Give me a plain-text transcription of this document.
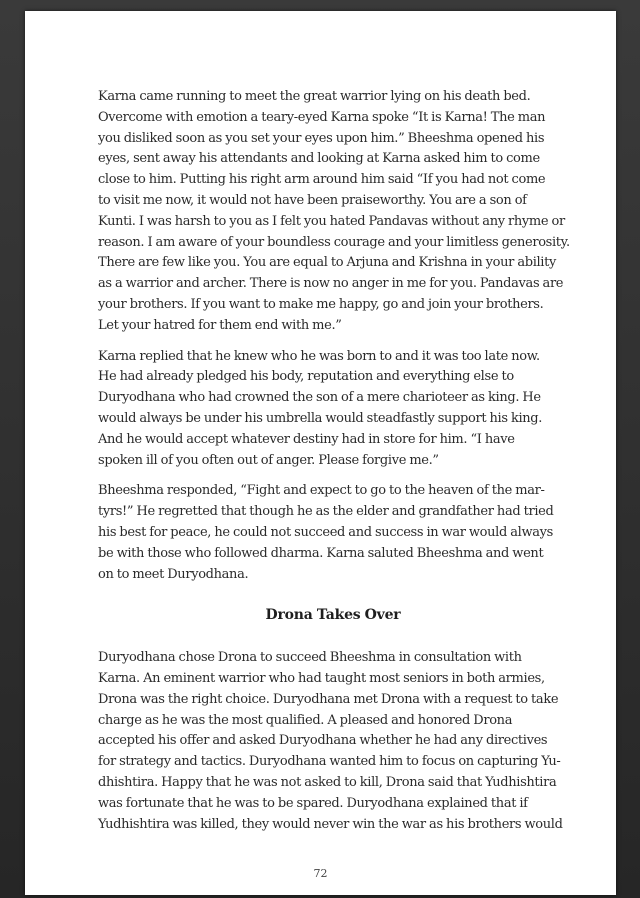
Karna came running to meet the great warrior lying on his death bed.
Overcome with emotion a teary-eyed Karna spoke “It is Karna! The man
you disliked soon as you set your eyes upon him.” Bheeshma opened his
eyes, sent away his attendants and looking at Karna asked him to come
close to him. Putting his right arm around him said “If you had not come
to visit me now, it would not have been praiseworthy. You are a son of
Kunti. I was harsh to you as I felt you hated Pandavas without any rhyme or
reason. I am aware of your boundless courage and your limitless generosity.
There are few like you. You are equal to Arjuna and Krishna in your ability
as a warrior and archer. There is now no anger in me for you. Pandavas are
your brothers. If you want to make me happy, go and join your brothers.
Let your hatred for them end with me.”

Karna replied that he knew who he was born to and it was too late now.
He had already pledged his body, reputation and everything else to
Duryodhana who had crowned the son of a mere charioteer as king. He
would always be under his umbrella would steadfastly support his king.
And he would accept whatever destiny had in store for him. “I have
spoken ill of you often out of anger. Please forgive me.”

Bheeshma responded, “Fight and expect to go to the heaven of the mar-
tyrs!” He regretted that though he as the elder and grandfather had tried
his best for peace, he could not succeed and success in war would always
be with those who followed dharma. Karna saluted Bheeshma and went
on to meet Duryodhana.

Drona Takes Over

Duryodhana chose Drona to succeed Bheeshma in consultation with
Karna. An eminent warrior who had taught most seniors in both armies,
Drona was the right choice. Duryodhana met Drona with a request to take
charge as he was the most qualified. A pleased and honored Drona
accepted his offer and asked Duryodhana whether he had any directives
for strategy and tactics. Duryodhana wanted him to focus on capturing Yu-
dhishtira. Happy that he was not asked to kill, Drona said that Yudhishtira
was fortunate that he was to be spared. Duryodhana explained that if
Yudhishtira was killed, they would never win the war as his brothers would

72
